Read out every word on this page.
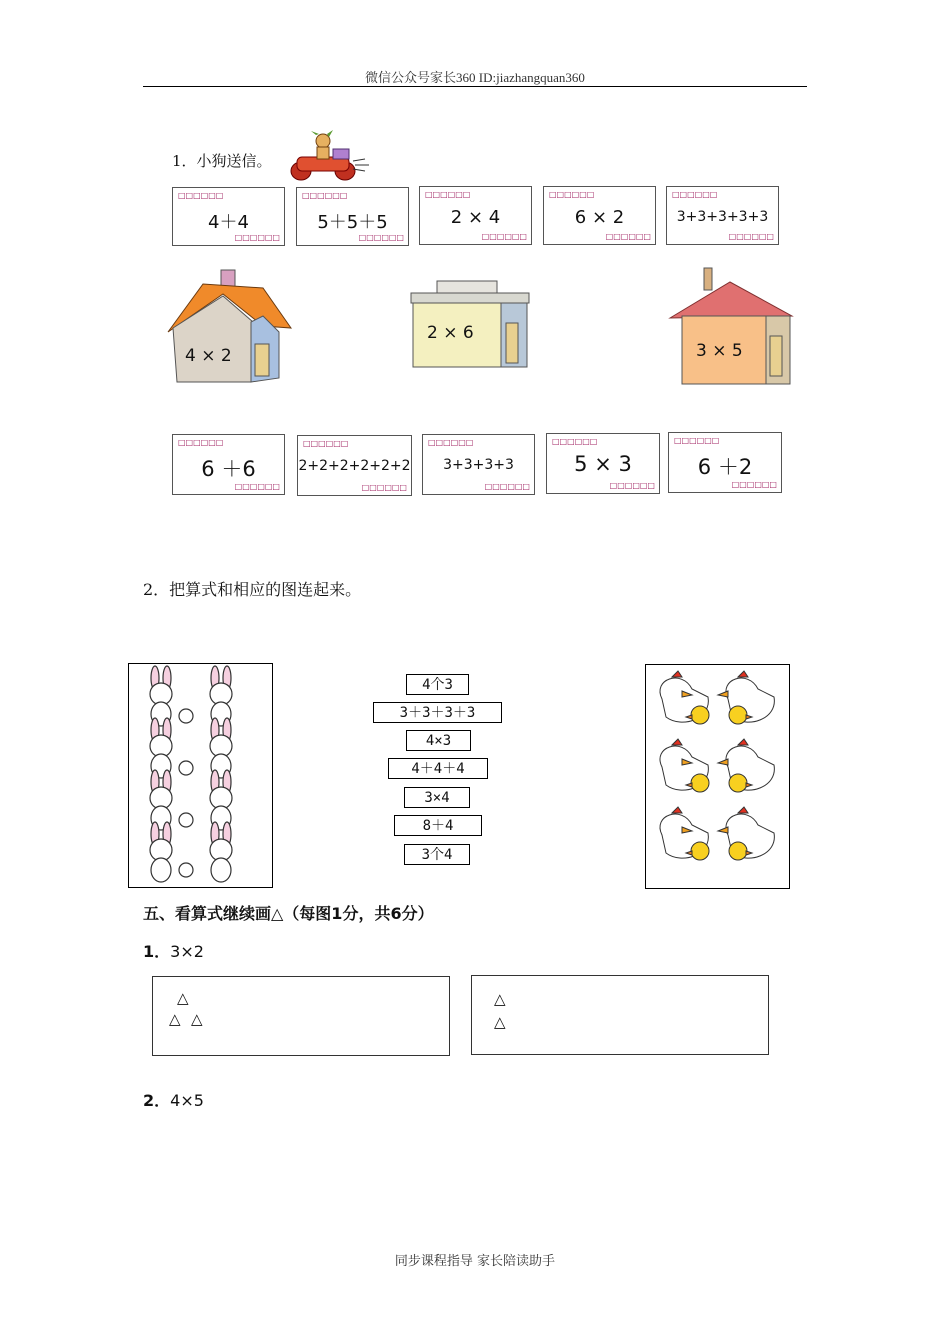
微信公众号家长360 ID:jiazhangquan360
1．小狗送信。
□□□□□□
4＋4
□□□□□□
□□□□□□
5＋5＋5
□□□□□□
□□□□□□
2 × 4
□□□□□□
□□□□□□
6 × 2
□□□□□□
□□□□□□
3+3+3+3+3
□□□□□□
4 × 2
2 × 6
3 × 5
□□□□□□
6 ＋6
□□□□□□
□□□□□□
2+2+2+2+2+2
□□□□□□
□□□□□□
3+3+3+3
□□□□□□
□□□□□□
5 × 3
□□□□□□
□□□□□□
6 ＋2
□□□□□□
2．把算式和相应的图连起来。
4个3
3＋3＋3＋3
4×3
4＋4＋4
3×4
8＋4
3个4
五、看算式继续画△（每图1分，共6分）
1．3×2
△
△ △
△
△
2．4×5
同步课程指导 家长陪读助手
